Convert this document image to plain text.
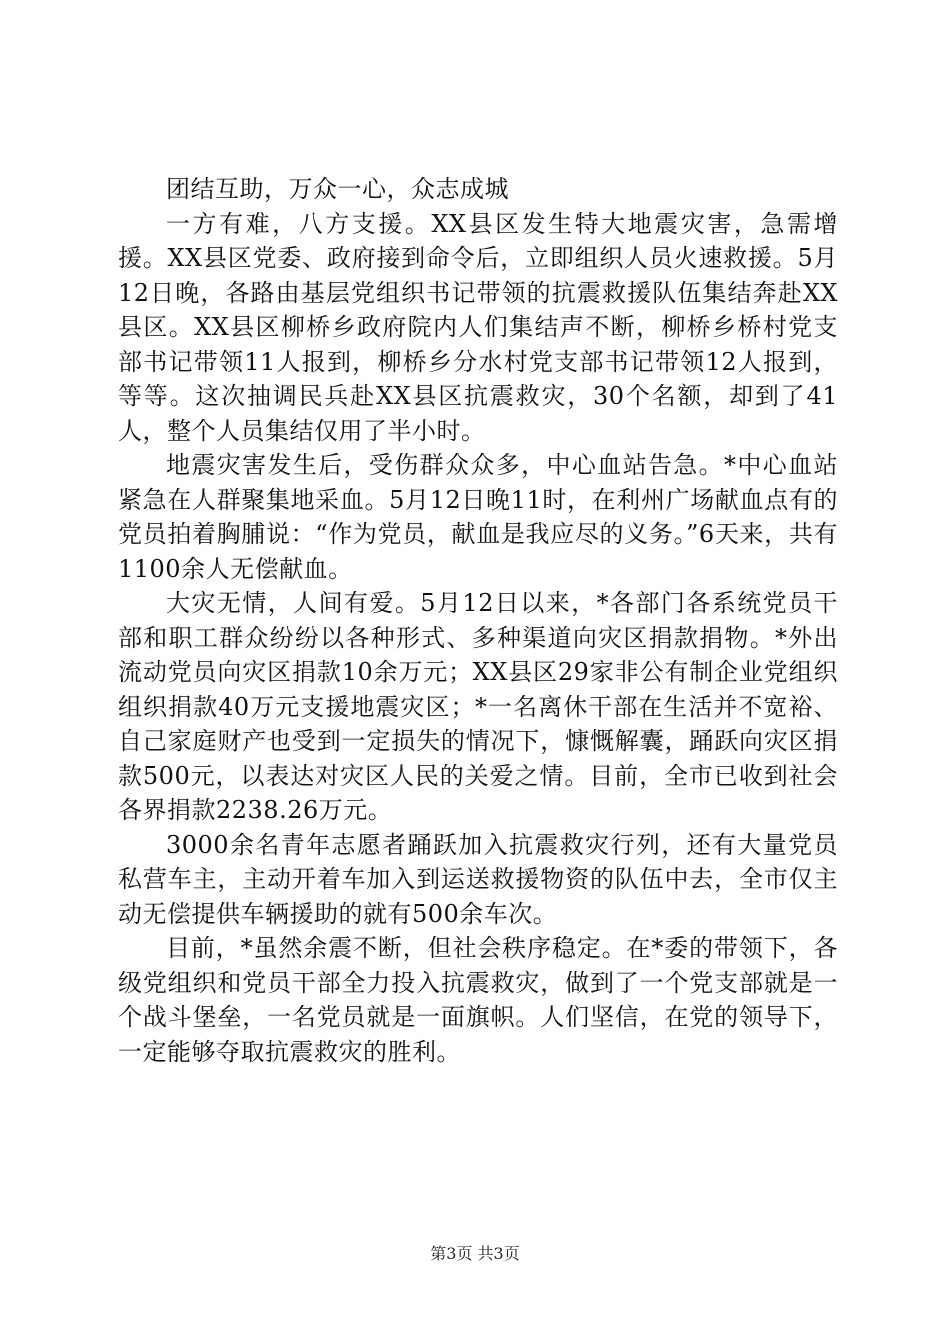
团结互助，万众一心，众志成城

一方有难，八方支援。XX县区发生特大地震灾害，急需增援。XX县区党委、政府接到命令后，立即组织人员火速救援。5月12日晚，各路由基层党组织书记带领的抗震救援队伍集结奔赴XX县区。XX县区柳桥乡政府院内人们集结声不断，柳桥乡桥村党支部书记带领11人报到，柳桥乡分水村党支部书记带领12人报到，等等。这次抽调民兵赴XX县区抗震救灾，30个名额，却到了41人，整个人员集结仅用了半小时。

地震灾害发生后，受伤群众众多，中心血站告急。*中心血站紧急在人群聚集地采血。5月12日晚11时，在利州广场献血点有的党员拍着胸脯说：“作为党员，献血是我应尽的义务。”6天来，共有1100余人无偿献血。

大灾无情，人间有爱。5月12日以来，*各部门各系统党员干部和职工群众纷纷以各种形式、多种渠道向灾区捐款捐物。*外出流动党员向灾区捐款10余万元；XX县区29家非公有制企业党组织组织捐款40万元支援地震灾区；*一名离休干部在生活并不宽裕、自己家庭财产也受到一定损失的情况下，慷慨解囊，踊跃向灾区捐款500元，以表达对灾区人民的关爱之情。目前，全市已收到社会各界捐款2238.26万元。

3000余名青年志愿者踊跃加入抗震救灾行列，还有大量党员私营车主，主动开着车加入到运送救援物资的队伍中去，全市仅主动无偿提供车辆援助的就有500余车次。

目前，*虽然余震不断，但社会秩序稳定。在*委的带领下，各级党组织和党员干部全力投入抗震救灾，做到了一个党支部就是一个战斗堡垒，一名党员就是一面旗帜。人们坚信，在党的领导下，一定能够夺取抗震救灾的胜利。

第3页 共3页
